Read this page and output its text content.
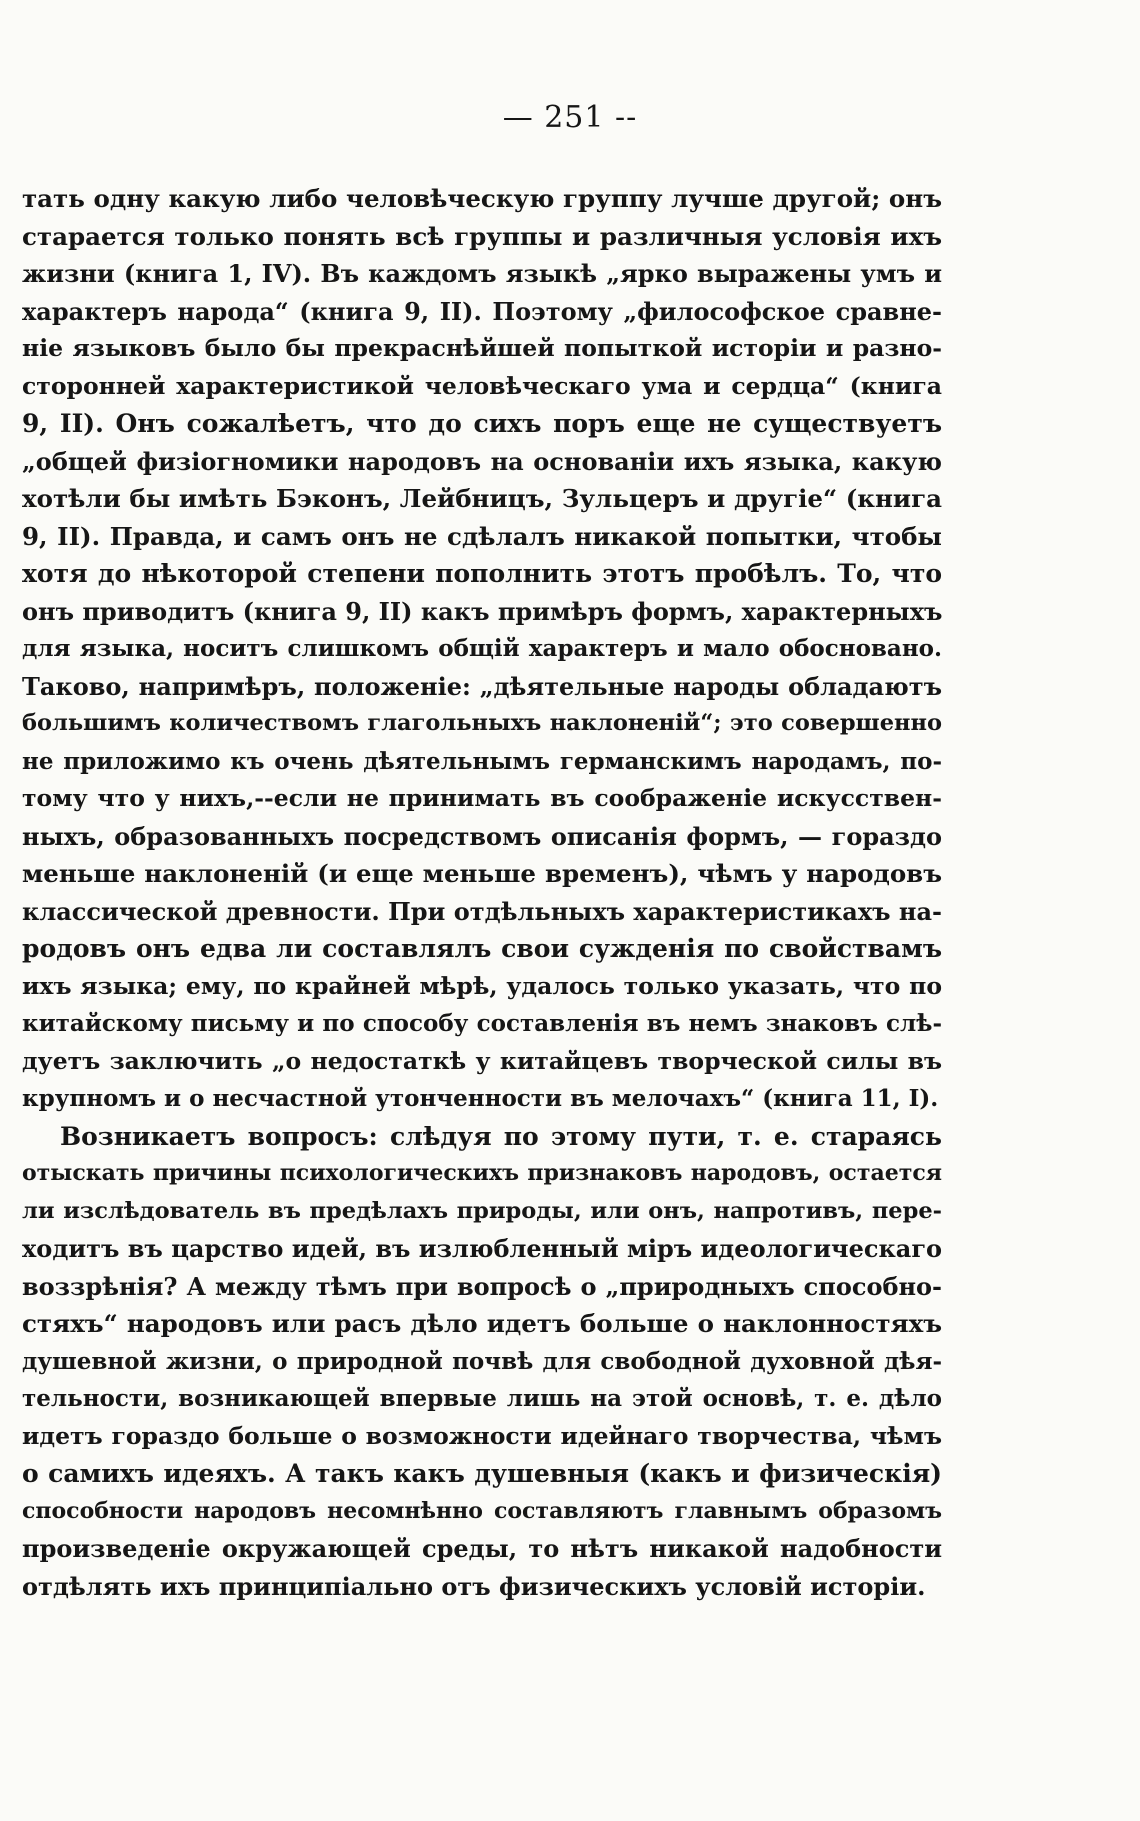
— 251 --
тать одну какую либо человѣческую группу лучше другой; онъ
старается только понять всѣ группы и различныя условія ихъ
жизни (книга 1, IV). Въ каждомъ языкѣ „ярко выражены умъ и
характеръ народа“ (книга 9, II). Поэтому „философское сравне-
ніе языковъ было бы прекраснѣйшей попыткой исторіи и разно-
сторонней характеристикой человѣческаго ума и сердца“ (книга
9, II). Онъ сожалѣетъ, что до сихъ поръ еще не существуетъ
„общей физіогномики народовъ на основаніи ихъ языка, какую
хотѣли бы имѣть Бэконъ, Лейбницъ, Зульцеръ и другіе“ (книга
9, II). Правда, и самъ онъ не сдѣлалъ никакой попытки, чтобы
хотя до нѣкоторой степени пополнить этотъ пробѣлъ. То, что
онъ приводитъ (книга 9, II) какъ примѣръ формъ, характерныхъ
для языка, носитъ слишкомъ общій характеръ и мало обосновано.
Таково, напримѣръ, положеніе: „дѣятельные народы обладаютъ
большимъ количествомъ глагольныхъ наклоненій“; это совершенно
не приложимо къ очень дѣятельнымъ германскимъ народамъ, по-
тому что у нихъ,--если не принимать въ соображеніе искусствен-
ныхъ, образованныхъ посредствомъ описанія формъ, — гораздо
меньше наклоненій (и еще меньше временъ), чѣмъ у народовъ
классической древности. При отдѣльныхъ характеристикахъ на-
родовъ онъ едва ли составлялъ свои сужденія по свойствамъ
ихъ языка; ему, по крайней мѣрѣ, удалось только указать, что по
китайскому письму и по способу составленія въ немъ знаковъ слѣ-
дуетъ заключить „о недостаткѣ у китайцевъ творческой силы въ
крупномъ и о несчастной утонченности въ мелочахъ“ (книга 11, I).
Возникаетъ вопросъ: слѣдуя по этому пути, т. е. стараясь
отыскать причины психологическихъ признаковъ народовъ, остается
ли изслѣдователь въ предѣлахъ природы, или онъ, напротивъ, пере-
ходитъ въ царство идей, въ излюбленный міръ идеологическаго
воззрѣнія? А между тѣмъ при вопросѣ о „природныхъ способно-
стяхъ“ народовъ или расъ дѣло идетъ больше о наклонностяхъ
душевной жизни, о природной почвѣ для свободной духовной дѣя-
тельности, возникающей впервые лишь на этой основѣ, т. е. дѣло
идетъ гораздо больше о возможности идейнаго творчества, чѣмъ
о самихъ идеяхъ. А такъ какъ душевныя (какъ и физическія)
способности народовъ несомнѣнно составляютъ главнымъ образомъ
произведеніе окружающей среды, то нѣтъ никакой надобности
отдѣлять ихъ принципіально отъ физическихъ условій исторіи.
